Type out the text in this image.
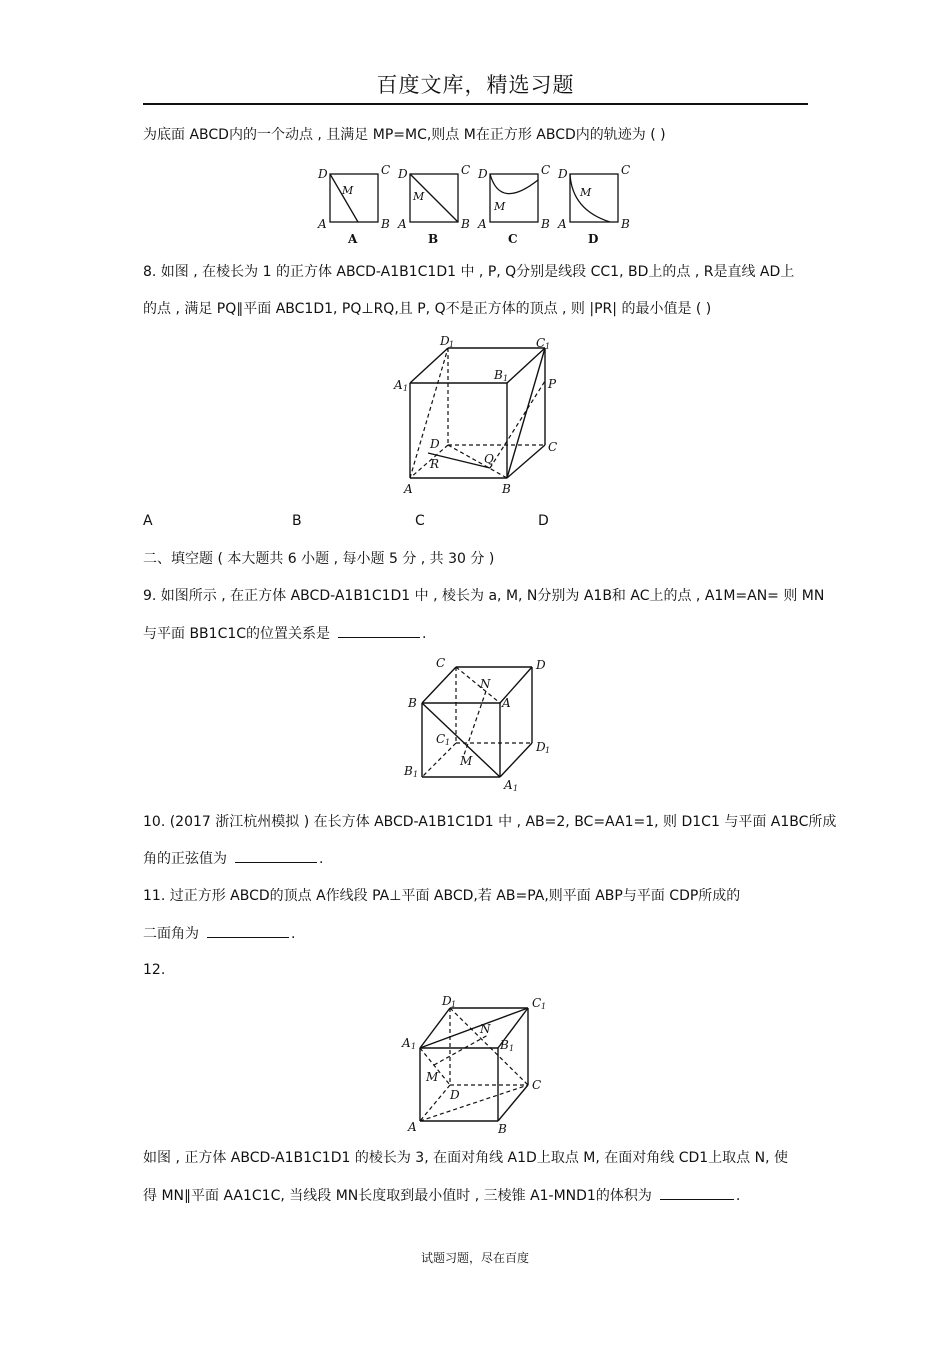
百度文库，精选习题
为底面 ABCD内的一个动点 , 且满足 MP=MC,则点 M在正方形 ABCD内的轨迹为 ( )
D	C
A	B
M
A
D	C
A	B
M
B
D	C
A	B
M
C
D	C
A	B
M
D
8. 如图 , 在棱长为 1 的正方体 ABCD-A1B1C1D1 中 , P, Q分别是线段 CC1, BD上的点 , R是直线 AD上
的点 , 满足 PQ∥平面 ABC1D1, PQ⊥RQ,且 P, Q不是正方体的顶点 , 则 |PR| 的最小值是 ( )
D 1	C 1
A 1
B 1	P
D	C
Q
R
A	B
A	B	C	D
二、填空题 ( 本大题共 6 小题 , 每小题 5 分 , 共 30 分 )
9. 如图所示 , 在正方体 ABCD-A1B1C1D1 中 , 棱长为 a, M, N分别为 A1B和 AC上的点 , A1M=AN= 则 MN
与平面 BB1C1C的位置关系是	.
C	D
N
B	A
C 1	D 1
M
B 1
A 1
10. (2017 浙江杭州模拟 ) 在长方体 ABCD-A1B1C1D1 中 , AB=2, BC=AA1=1, 则 D1C1 与平面 A1BC所成
角的正弦值为	.
11. 过正方形 ABCD的顶点 A作线段 PA⊥平面 ABCD,若 AB=PA,则平面 ABP与平面 CDP所成的
二面角为	.
12.
D 1	C 1
N
A 1	B 1
M
D
C
A	B
如图 , 正方体 ABCD-A1B1C1D1 的棱长为 3, 在面对角线 A1D上取点 M, 在面对角线 CD1上取点 N, 使
得 MN∥平面 AA1C1C, 当线段 MN长度取到最小值时 , 三棱锥 A1-MND1的体积为	.
试题习题，尽在百度
